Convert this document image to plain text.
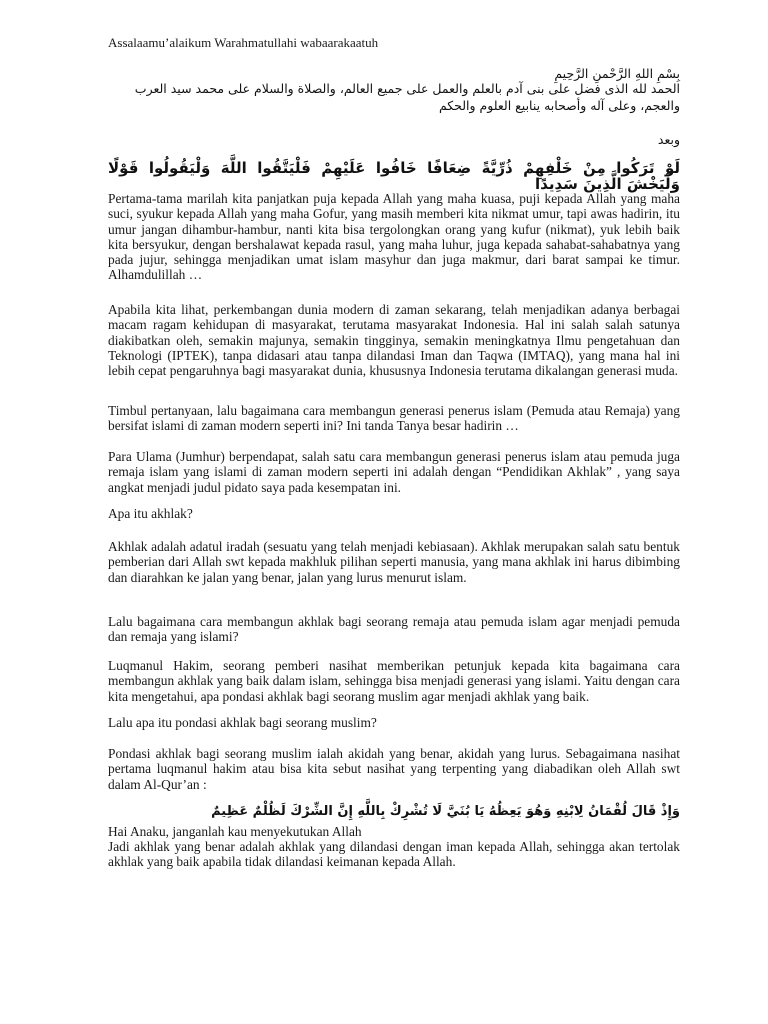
Assalaamu’alaikum Warahmatullahi wabaarakaatuh
بِسْمِ اللهِ الرَّحْمنِ الرَّحِيمِ
الحمد لله الذى فضل على بنى آدم بالعلم والعمل على جميع العالم، والصلاة والسلام على محمد سيد العرب والعجم، وعلى آله وأصحابه ينابيع العلوم والحكم
وبعد
لَوْ تَرَكُوا مِنْ خَلْفِهِمْ ذُرِّيَّةً ضِعَافًا خَافُوا عَلَيْهِمْ فَلْيَتَّقُوا اللَّهَ وَلْيَقُولُوا قَوْلًا وَلْيَخْشَ الَّذِينَ سَدِيدًا

Pertama-tama marilah kita panjatkan puja kepada Allah yang maha kuasa, puji kepada Allah yang maha suci, syukur kepada Allah yang maha Gofur, yang masih memberi kita nikmat umur, tapi awas hadirin, itu umur jangan dihambur-hambur, nanti kita bisa tergolongkan orang yang kufur (nikmat), yuk lebih baik kita bersyukur, dengan bershalawat kepada rasul, yang maha luhur, juga kepada sahabat-sahabatnya yang pada jujur, sehingga menjadikan umat islam masyhur dan juga makmur, dari barat sampai ke timur. Alhamdulillah …

Apabila kita lihat, perkembangan dunia modern di zaman sekarang, telah menjadikan adanya berbagai macam ragam kehidupan di masyarakat, terutama masyarakat Indonesia. Hal ini salah salah satunya diakibatkan oleh, semakin majunya, semakin tingginya, semakin meningkatnya Ilmu pengetahuan dan Teknologi (IPTEK), tanpa didasari atau tanpa dilandasi Iman dan Taqwa (IMTAQ), yang mana hal ini lebih cepat pengaruhnya bagi masyarakat dunia, khususnya Indonesia terutama dikalangan generasi muda.

Timbul pertanyaan, lalu bagaimana cara membangun generasi penerus islam (Pemuda atau Remaja) yang bersifat islami di zaman modern seperti ini? Ini tanda Tanya besar hadirin …

Para Ulama (Jumhur) berpendapat, salah satu cara membangun generasi penerus islam atau pemuda juga remaja islam yang islami di zaman modern seperti ini adalah dengan “Pendidikan Akhlak” , yang saya angkat menjadi judul pidato saya pada kesempatan ini.

Apa itu akhlak?

Akhlak adalah adatul iradah (sesuatu yang telah menjadi kebiasaan). Akhlak merupakan salah satu bentuk pemberian dari Allah swt kepada makhluk pilihan seperti manusia, yang mana akhlak ini harus dibimbing dan diarahkan ke jalan yang benar, jalan yang lurus menurut islam.

Lalu bagaimana cara membangun akhlak bagi seorang remaja atau pemuda islam agar menjadi pemuda dan remaja yang islami?

Luqmanul Hakim, seorang pemberi nasihat memberikan petunjuk kepada kita bagaimana cara membangun akhlak yang baik dalam islam, sehingga bisa menjadi generasi yang islami. Yaitu dengan cara kita mengetahui, apa pondasi akhlak bagi seorang muslim agar menjadi akhlak yang baik.

Lalu apa itu pondasi akhlak bagi seorang muslim?

Pondasi akhlak bagi seorang muslim ialah akidah yang benar, akidah yang lurus. Sebagaimana nasihat pertama luqmanul hakim atau bisa kita sebut nasihat yang terpenting yang diabadikan oleh Allah swt dalam Al-Qur’an :

وَإِذْ قَالَ لُقْمَانُ لِابْنِهِ وَهُوَ يَعِظُهُ يَا بُنَيَّ لَا تُشْرِكْ بِاللَّهِ إِنَّ الشِّرْكَ لَظُلْمٌ عَظِيمٌ

Hai Anaku, janganlah kau menyekutukan Allah

Jadi akhlak yang benar adalah akhlak yang dilandasi dengan iman kepada Allah, sehingga akan tertolak akhlak yang baik apabila tidak dilandasi keimanan kepada Allah.
